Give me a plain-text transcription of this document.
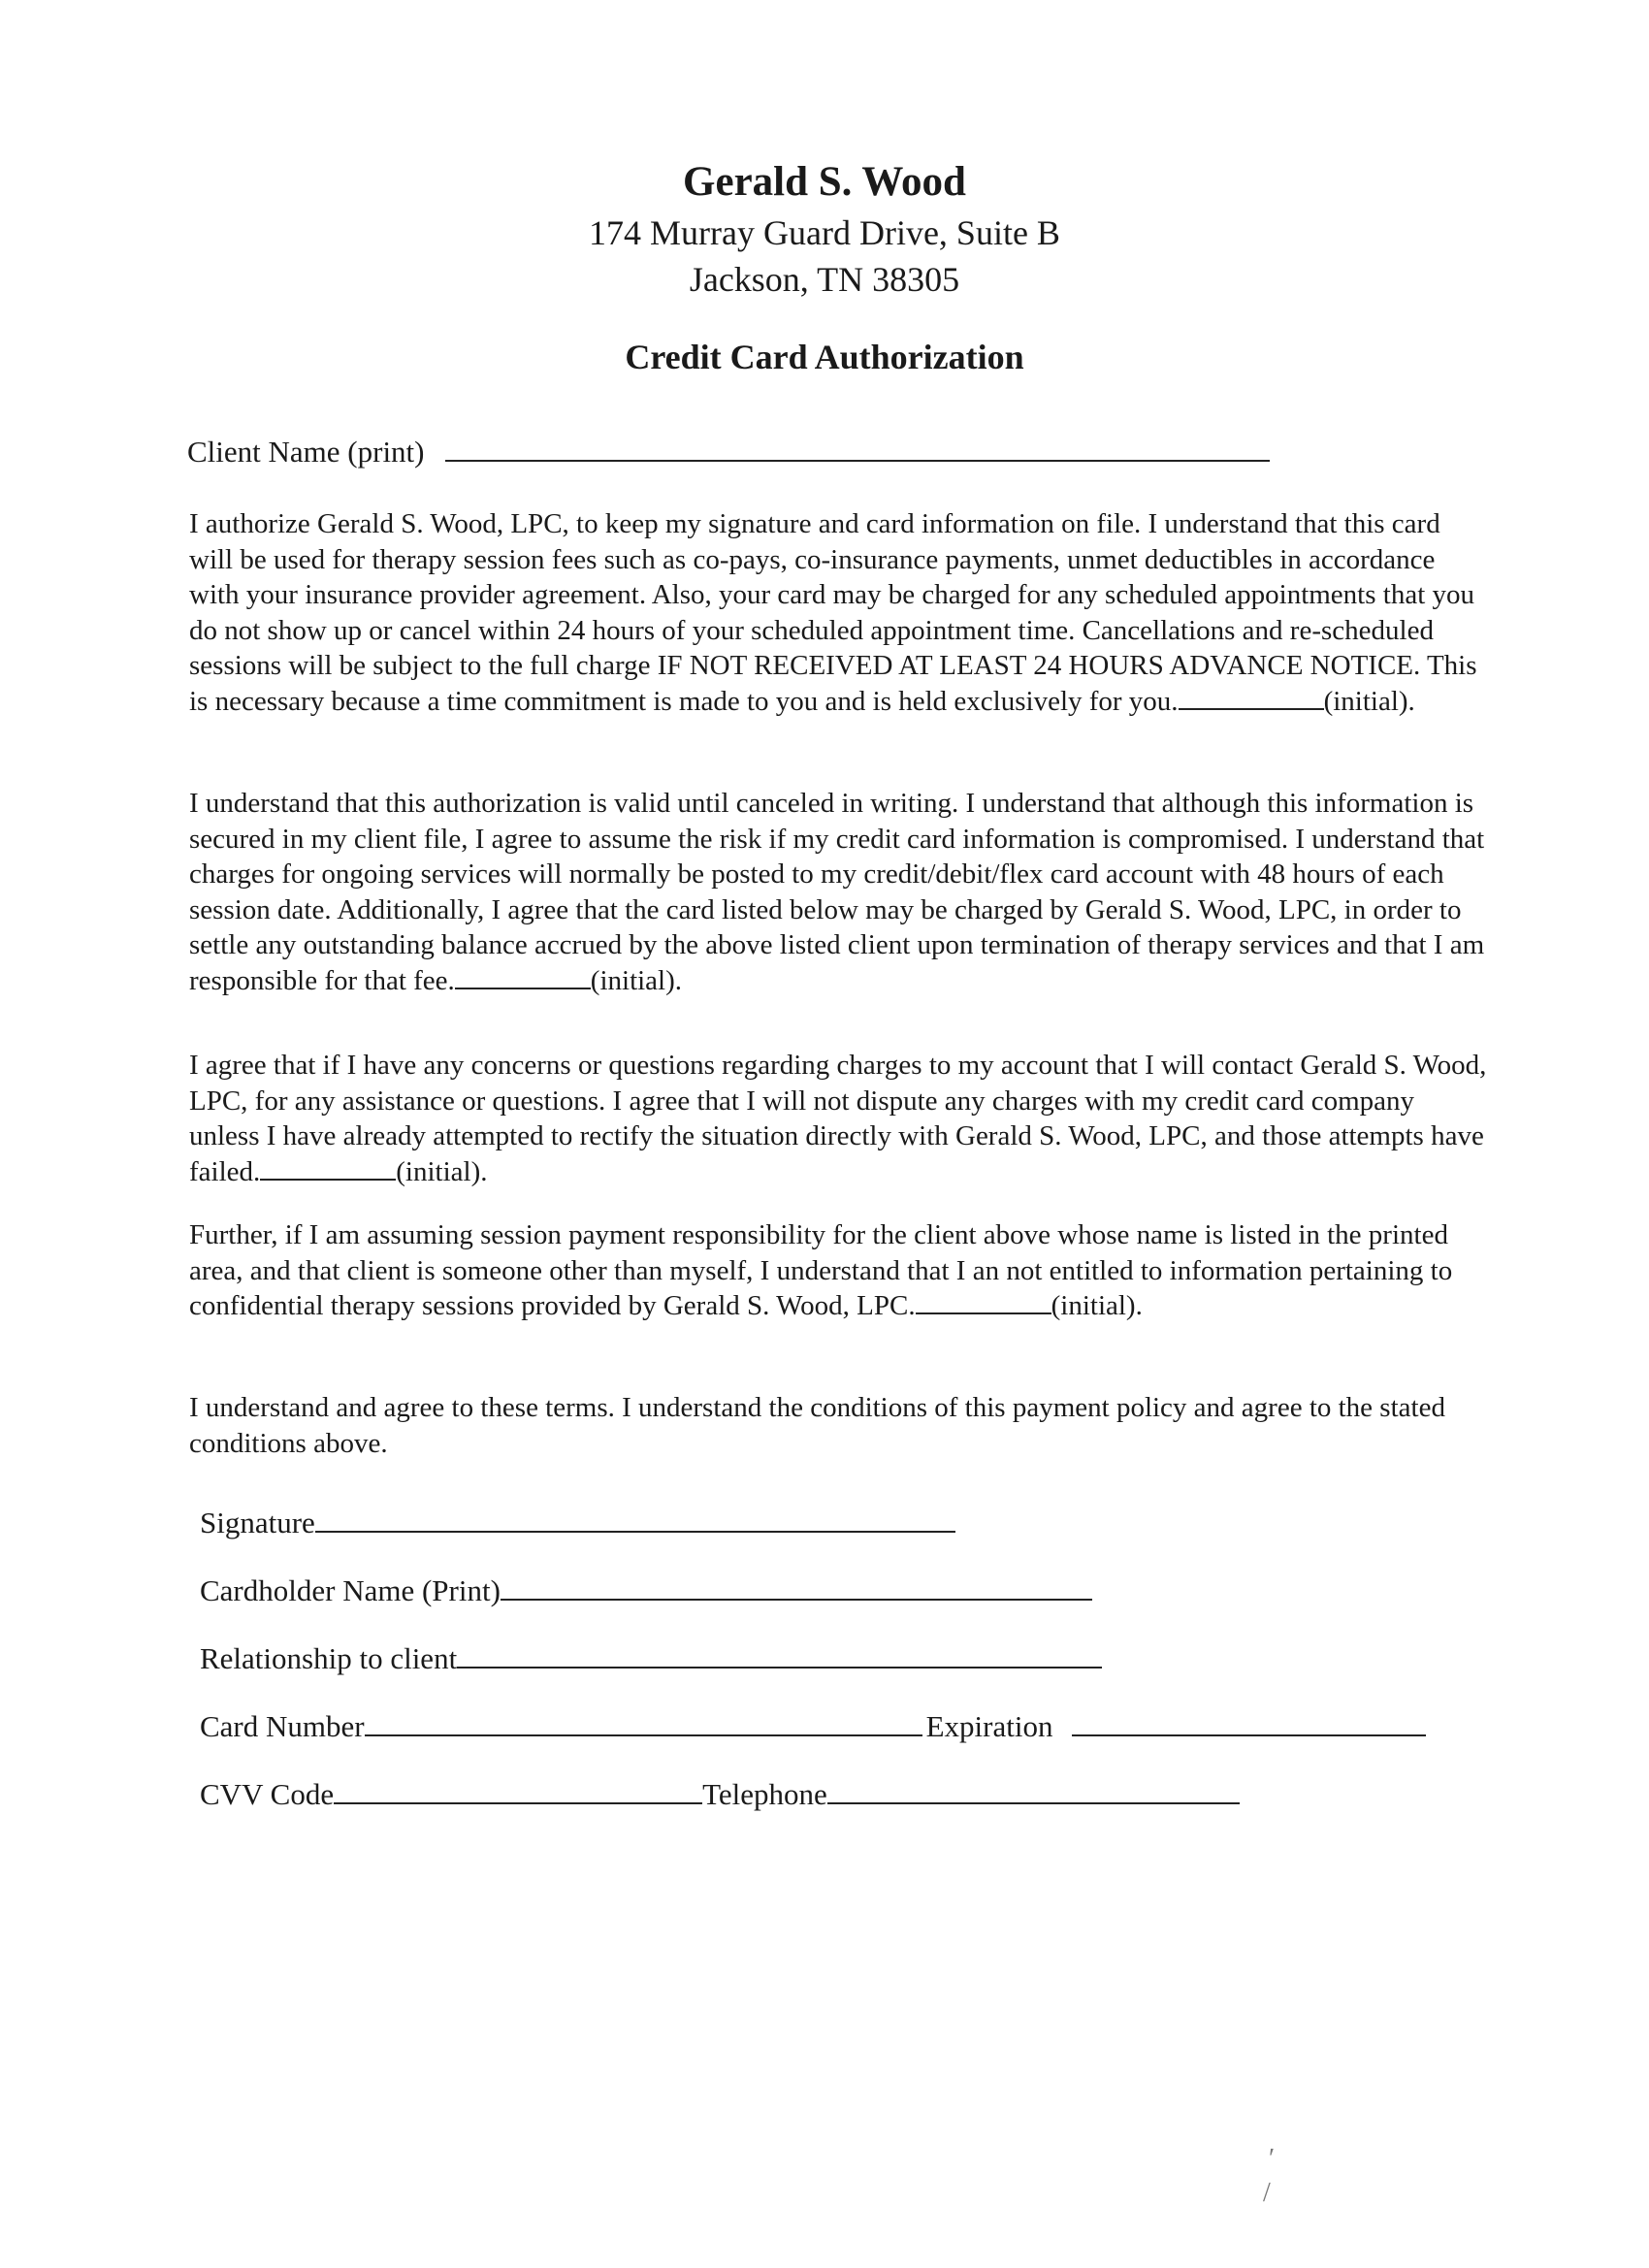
Gerald S. Wood
174 Murray Guard Drive, Suite B
Jackson, TN 38305
Credit Card Authorization
Client Name (print)
I authorize Gerald S. Wood, LPC, to keep my signature and card information on file. I understand that this card will be used for therapy session fees such as co-pays, co-insurance payments, unmet deductibles in accordance with your insurance provider agreement. Also, your card may be charged for any scheduled appointments that you do not show up or cancel within 24 hours of your scheduled appointment time. Cancellations and re-scheduled sessions will be subject to the full charge IF NOT RECEIVED AT LEAST 24 HOURS ADVANCE NOTICE. This is necessary because a time commitment is made to you and is held exclusively for you.	(initial).
I understand that this authorization is valid until canceled in writing. I understand that although this information is secured in my client file, I agree to assume the risk if my credit card information is compromised. I understand that charges for ongoing services will normally be posted to my credit/debit/flex card account with 48 hours of each session date. Additionally, I agree that the card listed below may be charged by Gerald S. Wood, LPC, in order to settle any outstanding balance accrued by the above listed client upon termination of therapy services and that I am responsible for that fee.	(initial).
I agree that if I have any concerns or questions regarding charges to my account that I will contact Gerald S. Wood, LPC, for any assistance or questions. I agree that I will not dispute any charges with my credit card company unless I have already attempted to rectify the situation directly with Gerald S. Wood, LPC, and those attempts have failed.	(initial).
Further, if I am assuming session payment responsibility for the client above whose name is listed in the printed area, and that client is someone other than myself, I understand that I an not entitled to information pertaining to confidential therapy sessions provided by Gerald S. Wood, LPC.	(initial).
I understand and agree to these terms. I understand the conditions of this payment policy and agree to the stated conditions above.
Signature
Cardholder Name (Print)
Relationship to client
Card Number	Expiration
CVV Code	Telephone
′
/
